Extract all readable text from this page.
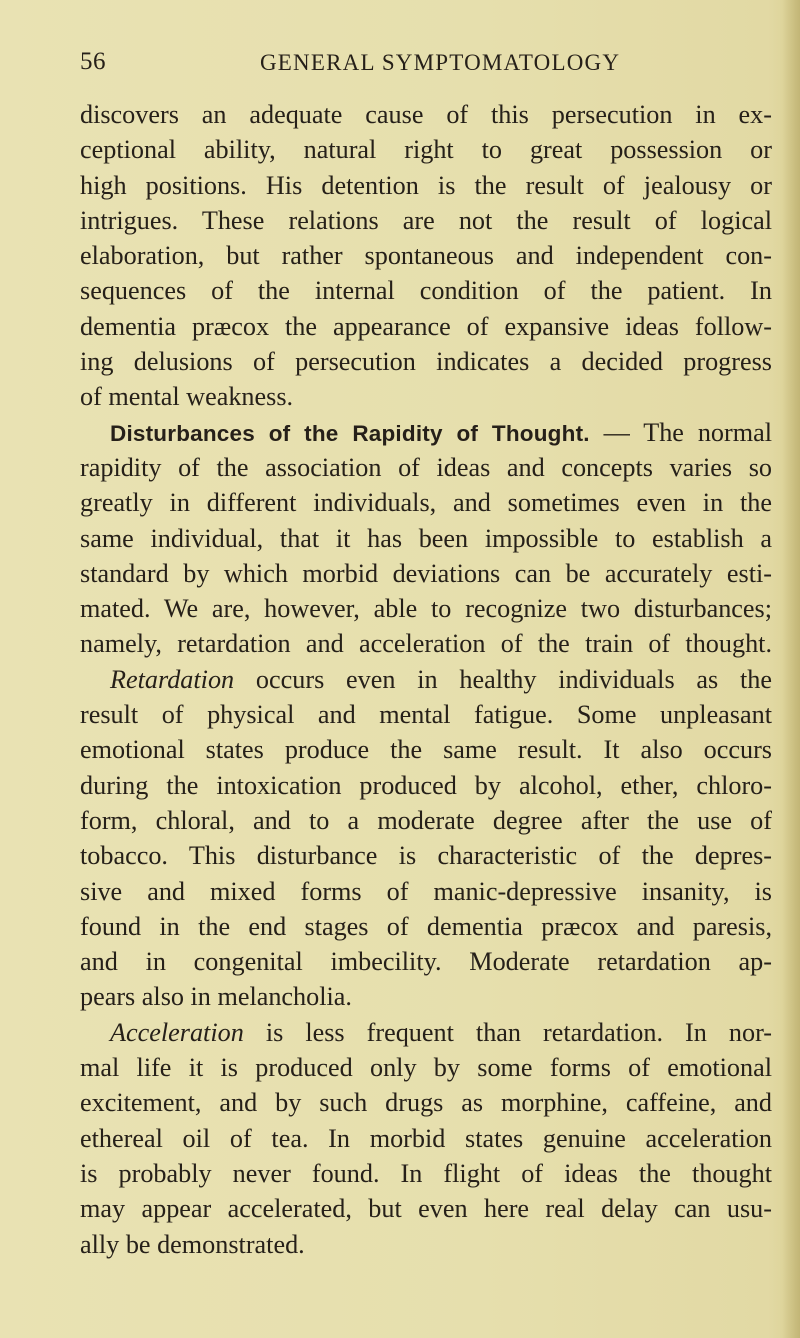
56	GENERAL SYMPTOMATOLOGY
discovers an adequate cause of this persecution in ex-
ceptional ability, natural right to great possession or
high positions. His detention is the result of jealousy or
intrigues. These relations are not the result of logical
elaboration, but rather spontaneous and independent con-
sequences of the internal condition of the patient. In
dementia præcox the appearance of expansive ideas follow-
ing delusions of persecution indicates a decided progress
of mental weakness.
Disturbances of the Rapidity of Thought. — The normal
rapidity of the association of ideas and concepts varies so
greatly in different individuals, and sometimes even in the
same individual, that it has been impossible to establish a
standard by which morbid deviations can be accurately esti-
mated. We are, however, able to recognize two disturbances;
namely, retardation and acceleration of the train of thought.
Retardation occurs even in healthy individuals as the
result of physical and mental fatigue. Some unpleasant
emotional states produce the same result. It also occurs
during the intoxication produced by alcohol, ether, chloro-
form, chloral, and to a moderate degree after the use of
tobacco. This disturbance is characteristic of the depres-
sive and mixed forms of manic-depressive insanity, is
found in the end stages of dementia præcox and paresis,
and in congenital imbecility. Moderate retardation ap-
pears also in melancholia.
Acceleration is less frequent than retardation. In nor-
mal life it is produced only by some forms of emotional
excitement, and by such drugs as morphine, caffeine, and
ethereal oil of tea. In morbid states genuine acceleration
is probably never found. In flight of ideas the thought
may appear accelerated, but even here real delay can usu-
ally be demonstrated.
